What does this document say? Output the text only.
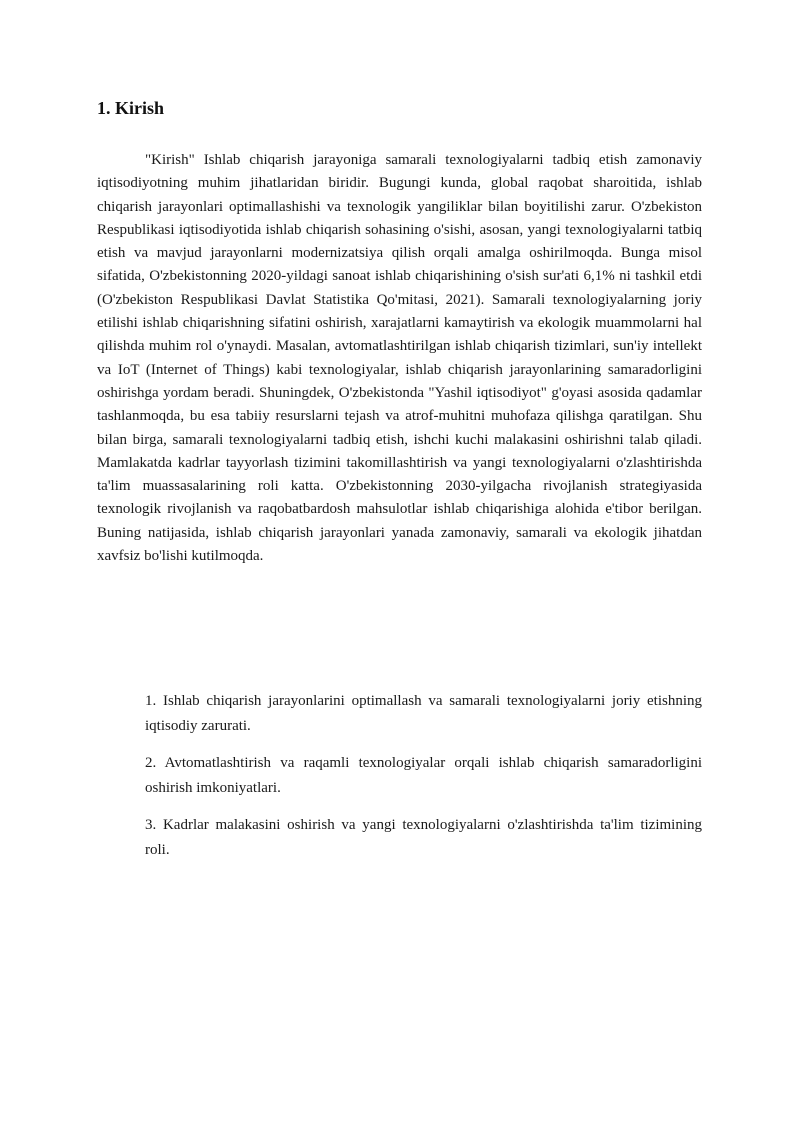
1. Kirish

"Kirish" Ishlab chiqarish jarayoniga samarali texnologiyalarni tadbiq etish zamonaviy iqtisodiyotning muhim jihatlaridan biridir. Bugungi kunda, global raqobat sharoitida, ishlab chiqarish jarayonlari optimallashishi va texnologik yangiliklar bilan boyitilishi zarur. O'zbekiston Respublikasi iqtisodiyotida ishlab chiqarish sohasining o'sishi, asosan, yangi texnologiyalarni tatbiq etish va mavjud jarayonlarni modernizatsiya qilish orqali amalga oshirilmoqda. Bunga misol sifatida, O'zbekistonning 2020-yildagi sanoat ishlab chiqarishining o'sish sur'ati 6,1% ni tashkil etdi (O'zbekiston Respublikasi Davlat Statistika Qo'mitasi, 2021). Samarali texnologiyalarning joriy etilishi ishlab chiqarishning sifatini oshirish, xarajatlarni kamaytirish va ekologik muammolarni hal qilishda muhim rol o'ynaydi. Masalan, avtomatlashtirilgan ishlab chiqarish tizimlari, sun'iy intellekt va IoT (Internet of Things) kabi texnologiyalar, ishlab chiqarish jarayonlarining samaradorligini oshirishga yordam beradi. Shuningdek, O'zbekistonda "Yashil iqtisodiyot" g'oyasi asosida qadamlar tashlanmoqda, bu esa tabiiy resurslarni tejash va atrof-muhitni muhofaza qilishga qaratilgan. Shu bilan birga, samarali texnologiyalarni tadbiq etish, ishchi kuchi malakasini oshirishni talab qiladi. Mamlakatda kadrlar tayyorlash tizimini takomillashtirish va yangi texnologiyalarni o'zlashtirishda ta'lim muassasalarining roli katta. O'zbekistonning 2030-yilgacha rivojlanish strategiyasida texnologik rivojlanish va raqobatbardosh mahsulotlar ishlab chiqarishiga alohida e'tibor berilgan. Buning natijasida, ishlab chiqarish jarayonlari yanada zamonaviy, samarali va ekologik jihatdan xavfsiz bo'lishi kutilmoqda.

1. Ishlab chiqarish jarayonlarini optimallash va samarali texnologiyalarni joriy etishning iqtisodiy zarurati.
2. Avtomatlashtirish va raqamli texnologiyalar orqali ishlab chiqarish samaradorligini oshirish imkoniyatlari.
3. Kadrlar malakasini oshirish va yangi texnologiyalarni o'zlashtirishda ta'lim tizimining roli.
